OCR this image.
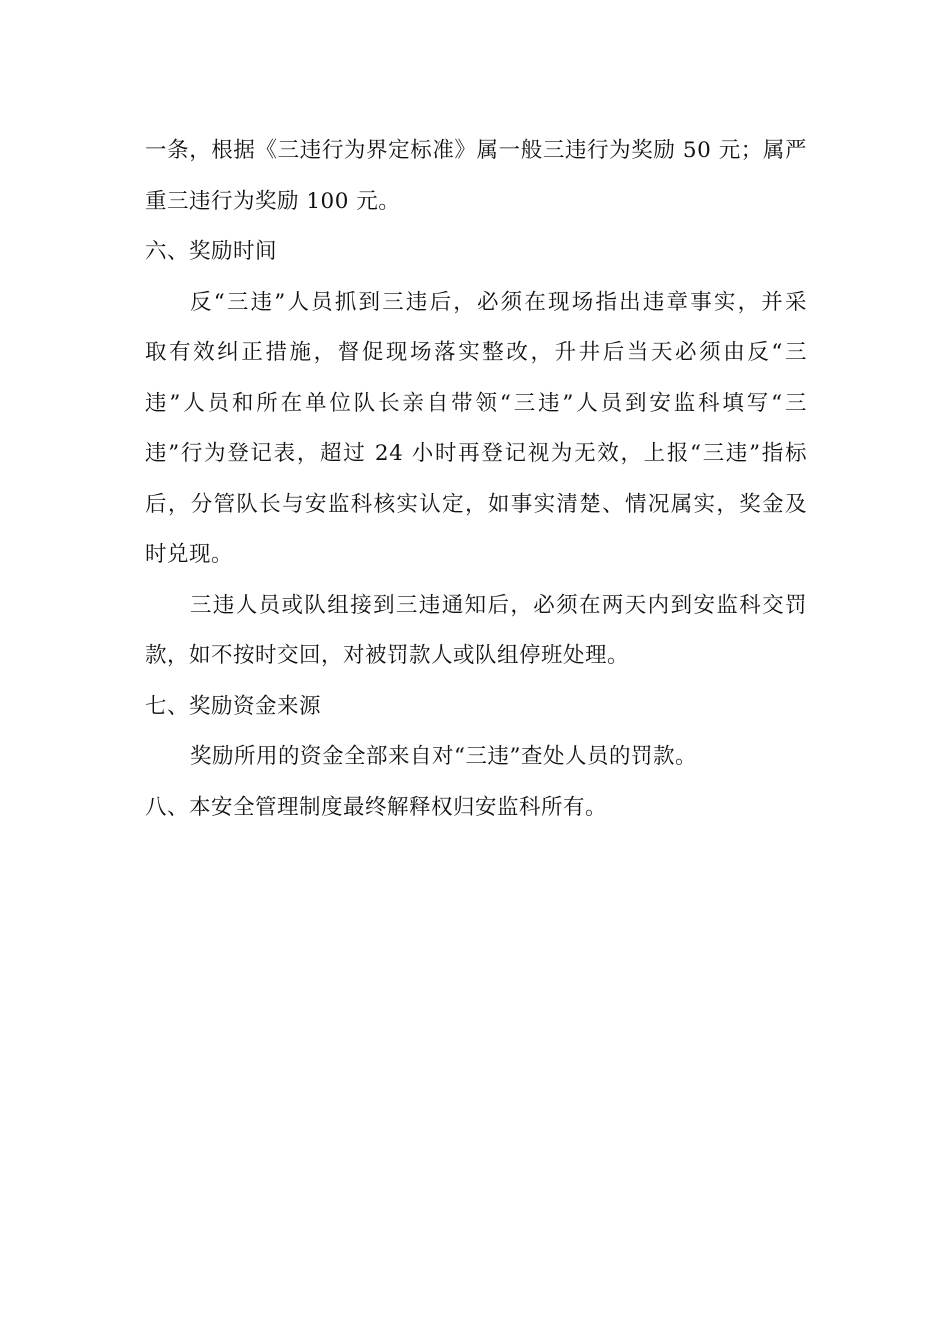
一条，根据《三违行为界定标准》属一般三违行为奖励 50 元；属严
重三违行为奖励 100 元。
六、奖励时间
反“三违”人员抓到三违后，必须在现场指出违章事实，并采
取有效纠正措施，督促现场落实整改，升井后当天必须由反“三
违”人员和所在单位队长亲自带领“三违”人员到安监科填写“三
违”行为登记表，超过 24 小时再登记视为无效，上报“三违”指标
后，分管队长与安监科核实认定，如事实清楚、情况属实，奖金及
时兑现。
三违人员或队组接到三违通知后，必须在两天内到安监科交罚
款，如不按时交回，对被罚款人或队组停班处理。
七、奖励资金来源
奖励所用的资金全部来自对“三违”查处人员的罚款。
八、本安全管理制度最终解释权归安监科所有。
